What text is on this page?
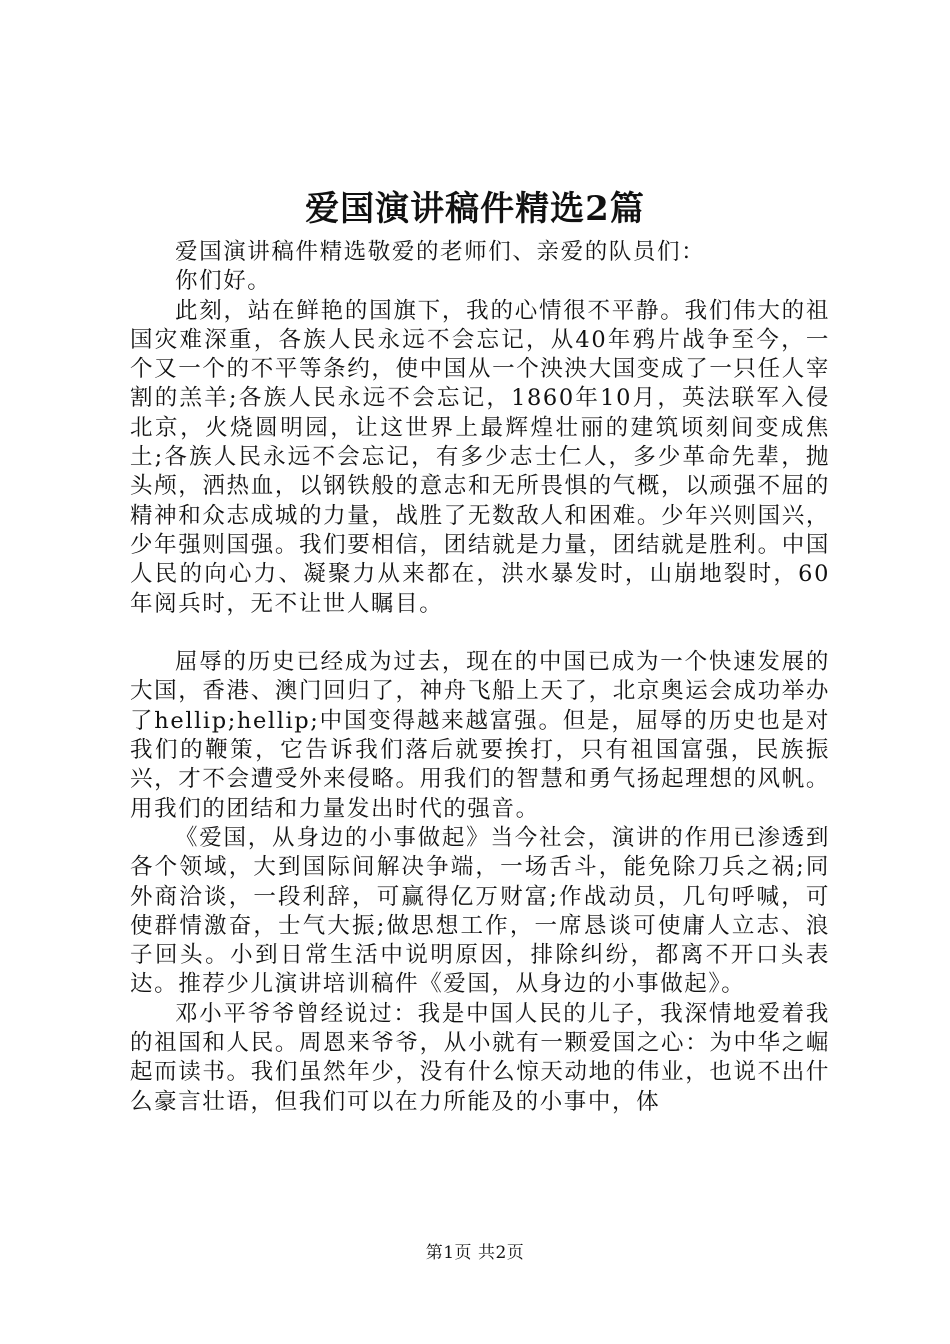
爱国演讲稿件精选2篇

爱国演讲稿件精选敬爱的老师们、亲爱的队员们：

你们好。

此刻，站在鲜艳的国旗下，我的心情很不平静。我们伟大的祖国灾难深重，各族人民永远不会忘记，从40年鸦片战争至今，一个又一个的不平等条约，使中国从一个泱泱大国变成了一只任人宰割的羔羊;各族人民永远不会忘记，1860年10月，英法联军入侵北京，火烧圆明园，让这世界上最辉煌壮丽的建筑顷刻间变成焦土;各族人民永远不会忘记，有多少志士仁人，多少革命先辈，抛头颅，洒热血，以钢铁般的意志和无所畏惧的气概，以顽强不屈的精神和众志成城的力量，战胜了无数敌人和困难。少年兴则国兴，少年强则国强。我们要相信，团结就是力量，团结就是胜利。中国人民的向心力、凝聚力从来都在，洪水暴发时，山崩地裂时，60年阅兵时，无不让世人瞩目。

屈辱的历史已经成为过去，现在的中国已成为一个快速发展的大国，香港、澳门回归了，神舟飞船上天了，北京奥运会成功举办了hellip;hellip;中国变得越来越富强。但是，屈辱的历史也是对我们的鞭策，它告诉我们落后就要挨打，只有祖国富强，民族振兴，才不会遭受外来侵略。用我们的智慧和勇气扬起理想的风帆。用我们的团结和力量发出时代的强音。

《爱国，从身边的小事做起》当今社会，演讲的作用已渗透到各个领域，大到国际间解决争端，一场舌斗，能免除刀兵之祸;同外商洽谈，一段利辞，可赢得亿万财富;作战动员，几句呼喊，可使群情激奋，士气大振;做思想工作，一席恳谈可使庸人立志、浪子回头。小到日常生活中说明原因，排除纠纷，都离不开口头表达。推荐少儿演讲培训稿件《爱国，从身边的小事做起》。

邓小平爷爷曾经说过：我是中国人民的儿子，我深情地爱着我的祖国和人民。周恩来爷爷，从小就有一颗爱国之心：为中华之崛起而读书。我们虽然年少，没有什么惊天动地的伟业，也说不出什么豪言壮语，但我们可以在力所能及的小事中，体

第1页 共2页
